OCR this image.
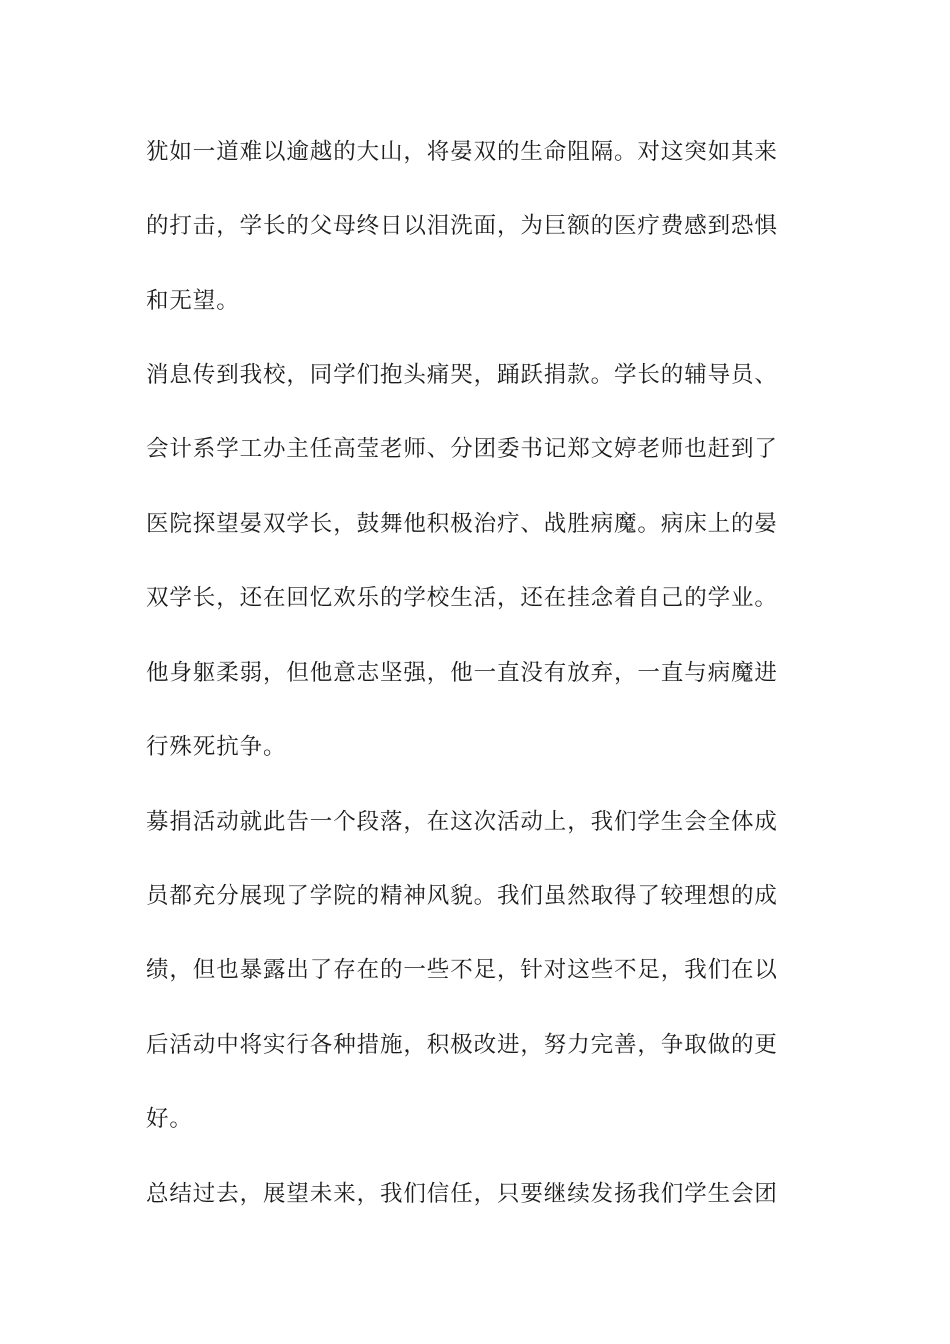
犹如一道难以逾越的大山，将晏双的生命阻隔。对这突如其来
的打击，学长的父母终日以泪洗面，为巨额的医疗费感到恐惧
和无望。
消息传到我校，同学们抱头痛哭，踊跃捐款。学长的辅导员、
会计系学工办主任高莹老师、分团委书记郑文婷老师也赶到了
医院探望晏双学长，鼓舞他积极治疗、战胜病魔。病床上的晏
双学长，还在回忆欢乐的学校生活，还在挂念着自己的学业。
他身躯柔弱，但他意志坚强，他一直没有放弃，一直与病魔进
行殊死抗争。
募捐活动就此告一个段落，在这次活动上，我们学生会全体成
员都充分展现了学院的精神风貌。我们虽然取得了较理想的成
绩，但也暴露出了存在的一些不足，针对这些不足，我们在以
后活动中将实行各种措施，积极改进，努力完善，争取做的更
好。
总结过去，展望未来，我们信任，只要继续发扬我们学生会团
